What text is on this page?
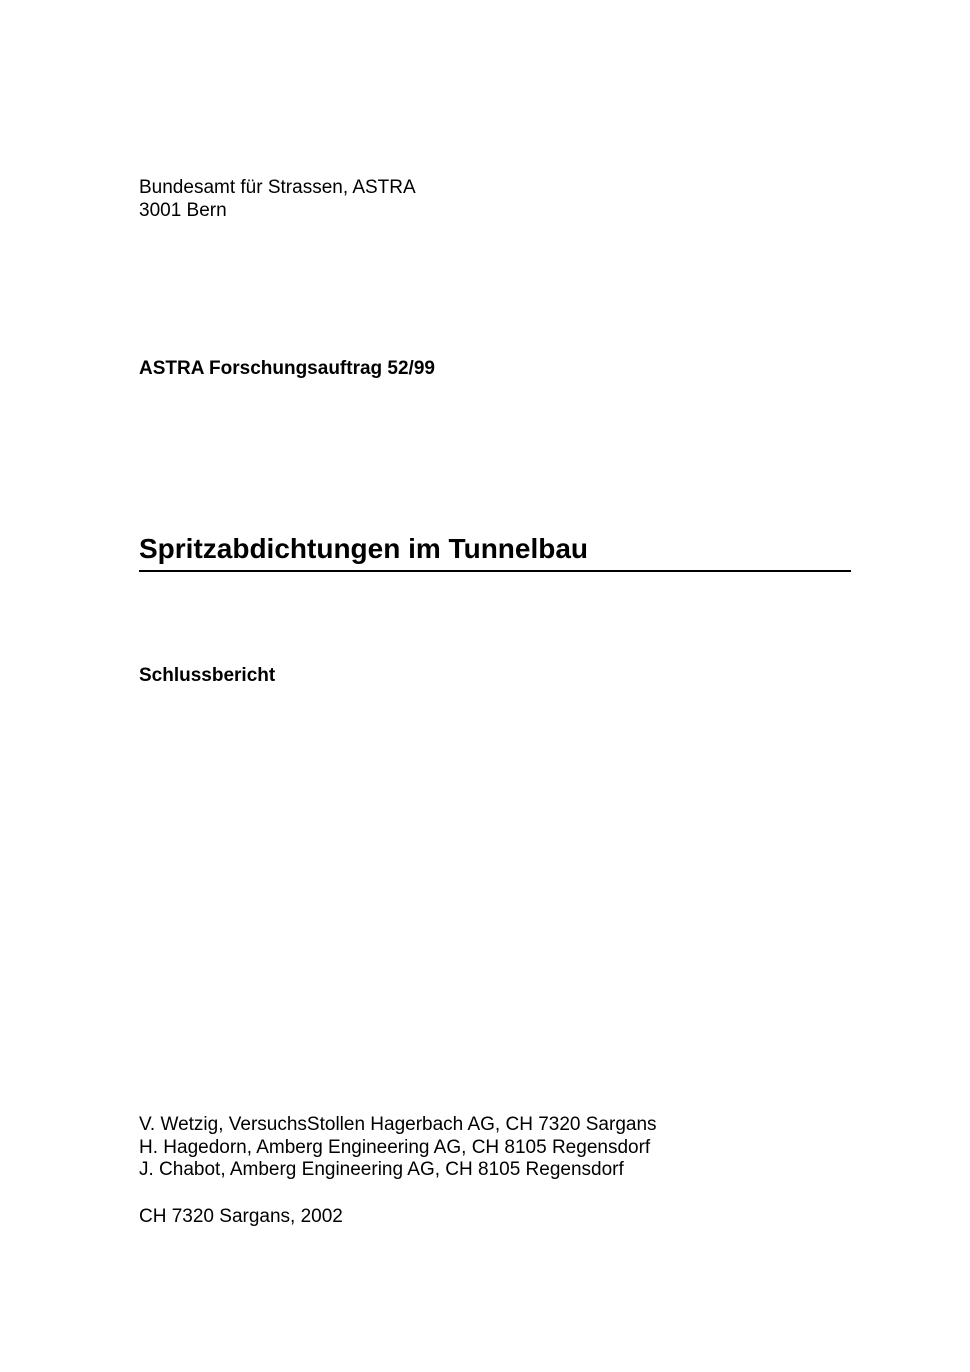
Bundesamt für Strassen, ASTRA
3001 Bern
ASTRA Forschungsauftrag 52/99
Spritzabdichtungen im Tunnelbau
Schlussbericht
V. Wetzig, VersuchsStollen Hagerbach AG, CH 7320 Sargans
H. Hagedorn, Amberg Engineering AG, CH 8105 Regensdorf
J. Chabot, Amberg Engineering AG, CH 8105 Regensdorf
CH 7320 Sargans, 2002
